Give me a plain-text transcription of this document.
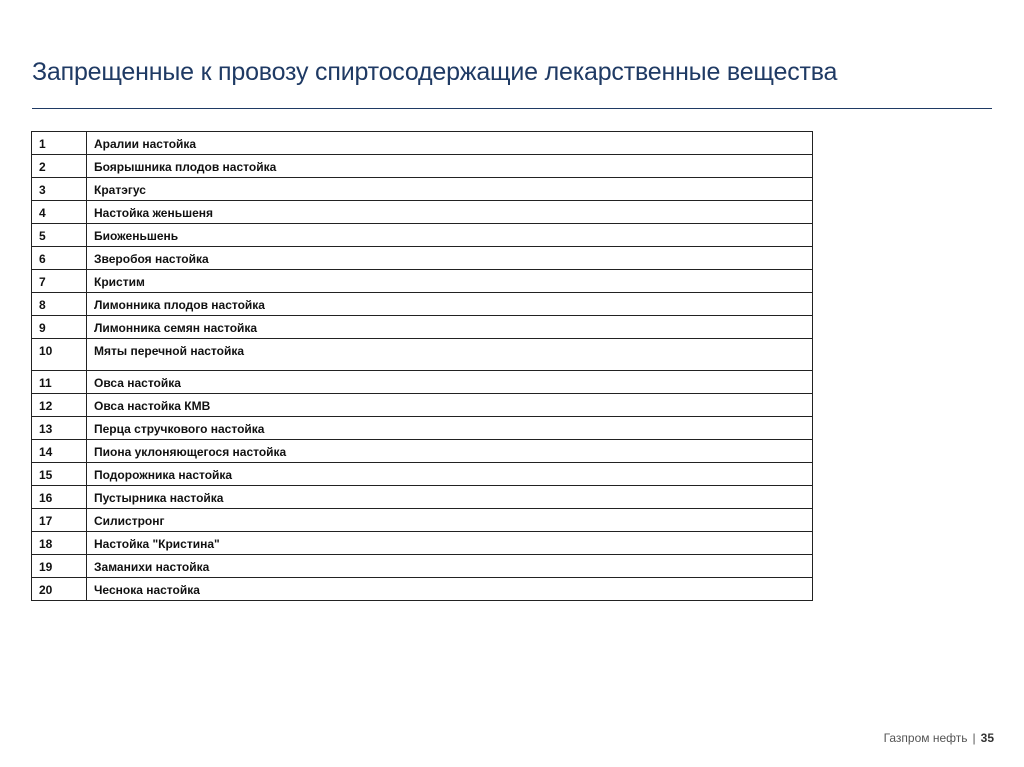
Запрещенные к провозу спиртосодержащие лекарственные вещества
1	Аралии настойка
2	Боярышника плодов настойка
3	Кратэгус
4	Настойка женьшеня
5	Биоженьшень
6	Зверобоя настойка
7	Кристим
8	Лимонника плодов настойка
9	Лимонника семян настойка
10	Мяты перечной настойка
11	Овса настойка
12	Овса настойка КМВ
13	Перца стручкового настойка
14	Пиона уклоняющегося настойка
15	Подорожника настойка
16	Пустырника настойка
17	Силистронг
18	Настойка "Кристина"
19	Заманихи настойка
20	Чеснока настойка
Газпром нефть | 35
